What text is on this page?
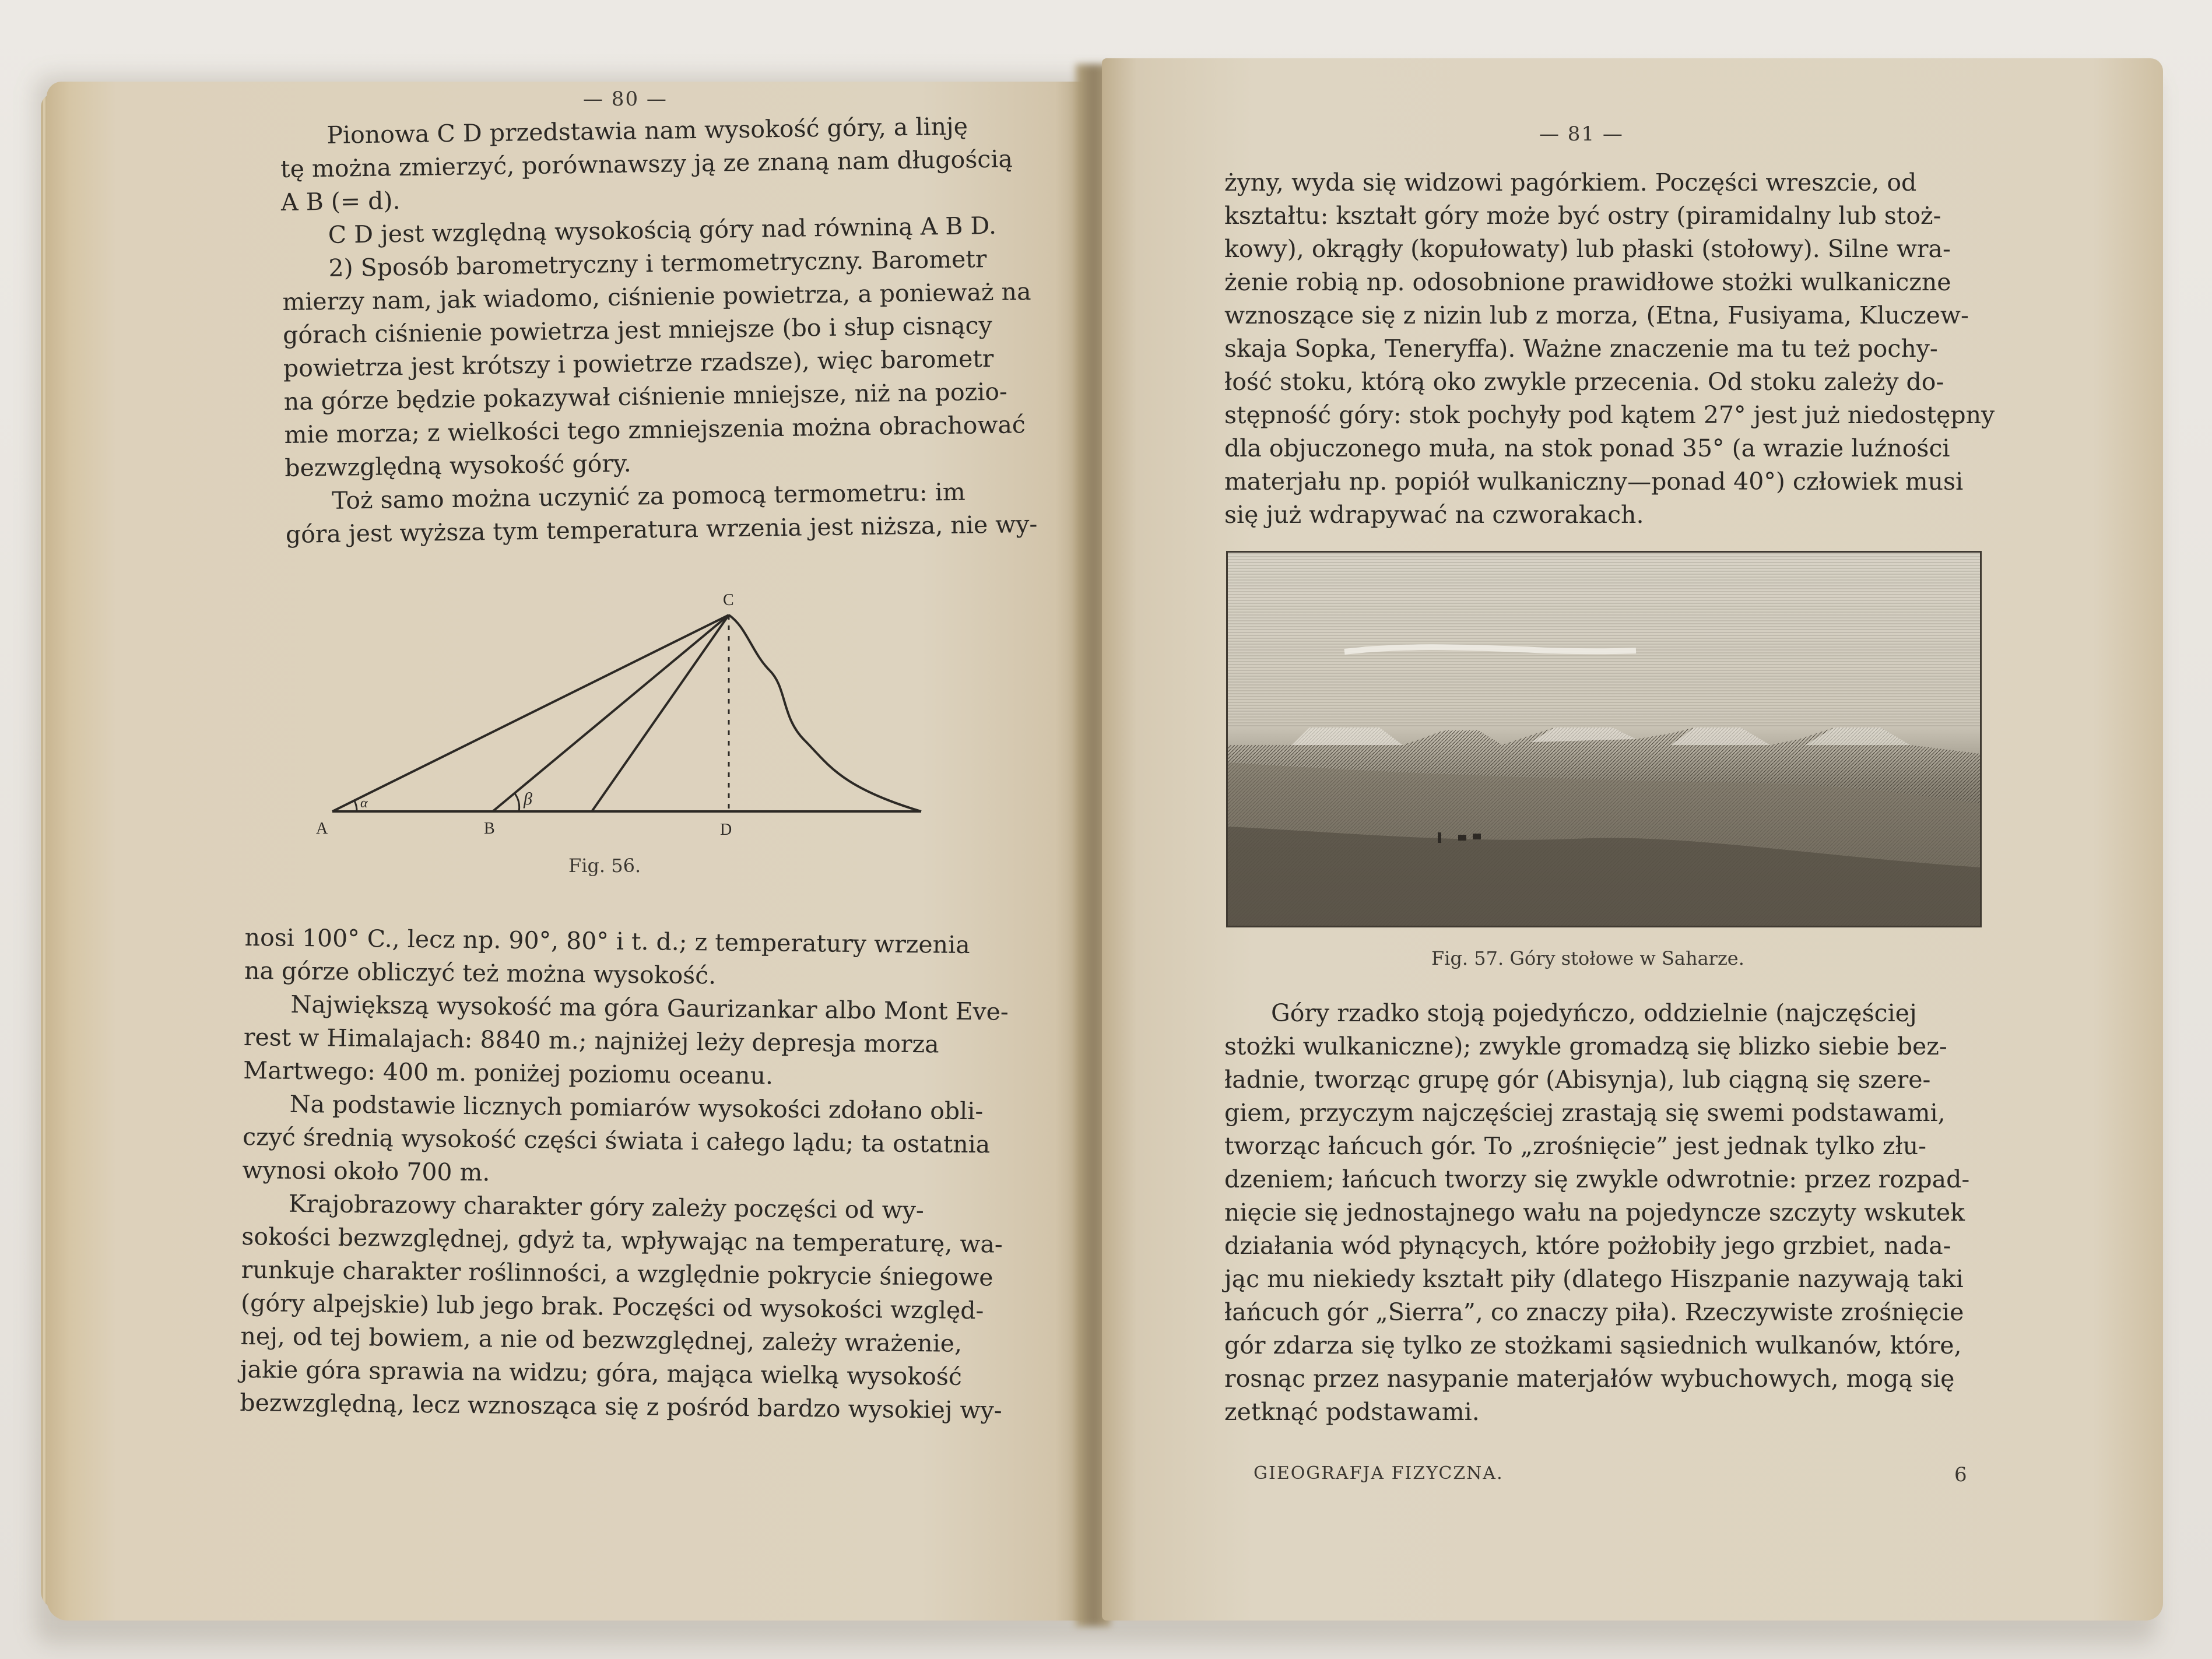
— 80 —
Pionowa C D przedstawia nam wysokość góry, a linję
tę można zmierzyć, porównawszy ją ze znaną nam długością
A B (= d).
C D jest względną wysokością góry nad równiną A B D.
2) Sposób barometryczny i termometryczny. Barometr
mierzy nam, jak wiadomo, ciśnienie powietrza, a ponieważ na
górach ciśnienie powietrza jest mniejsze (bo i słup cisnący
powietrza jest krótszy i powietrze rzadsze), więc barometr
na górze będzie pokazywał ciśnienie mniejsze, niż na pozio-
mie morza; z wielkości tego zmniejszenia można obrachować
bezwzględną wysokość góry.
Toż samo można uczynić za pomocą termometru: im
góra jest wyższa tym temperatura wrzenia jest niższa, nie wy-
A	B
C
D
β
α
Fig. 56.
nosi 100° C., lecz np. 90°, 80° i t. d.; z temperatury wrzenia
na górze obliczyć też można wysokość.
Największą wysokość ma góra Gaurizankar albo Mont Eve-
rest w Himalajach: 8840 m.; najniżej leży depresja morza
Martwego: 400 m. poniżej poziomu oceanu.
Na podstawie licznych pomiarów wysokości zdołano obli-
czyć średnią wysokość części świata i całego lądu; ta ostatnia
wynosi około 700 m.
Krajobrazowy charakter góry zależy poczęści od wy-
sokości bezwzględnej, gdyż ta, wpływając na temperaturę, wa-
runkuje charakter roślinności, a względnie pokrycie śniegowe
(góry alpejskie) lub jego brak. Poczęści od wysokości względ-
nej, od tej bowiem, a nie od bezwzględnej, zależy wrażenie,
jakie góra sprawia na widzu; góra, mająca wielką wysokość
bezwzględną, lecz wznosząca się z pośród bardzo wysokiej wy-
— 81 —
żyny, wyda się widzowi pagórkiem. Poczęści wreszcie, od
kształtu: kształt góry może być ostry (piramidalny lub stoż-
kowy), okrągły (kopułowaty) lub płaski (stołowy). Silne wra-
żenie robią np. odosobnione prawidłowe stożki wulkaniczne
wznoszące się z nizin lub z morza, (Etna, Fusiyama, Kluczew-
skaja Sopka, Teneryffa). Ważne znaczenie ma tu też pochy-
łość stoku, którą oko zwykle przecenia. Od stoku zależy do-
stępność góry: stok pochyły pod kątem 27° jest już niedostępny
dla objuczonego muła, na stok ponad 35° (a wrazie luźności
materjału np. popiół wulkaniczny—ponad 40°) człowiek musi
się już wdrapywać na czworakach.
Fig. 57. Góry stołowe w Saharze.
Góry rzadko stoją pojedyńczo, oddzielnie (najczęściej
stożki wulkaniczne); zwykle gromadzą się blizko siebie bez-
ładnie, tworząc grupę gór (Abisynja), lub ciągną się szere-
giem, przyczym najczęściej zrastają się swemi podstawami,
tworząc łańcuch gór. To „zrośnięcie” jest jednak tylko złu-
dzeniem; łańcuch tworzy się zwykle odwrotnie: przez rozpad-
nięcie się jednostajnego wału na pojedyncze szczyty wskutek
działania wód płynących, które pożłobiły jego grzbiet, nada-
jąc mu niekiedy kształt piły (dlatego Hiszpanie nazywają taki
łańcuch gór „Sierra”, co znaczy piła). Rzeczywiste zrośnięcie
gór zdarza się tylko ze stożkami sąsiednich wulkanów, które,
rosnąc przez nasypanie materjałów wybuchowych, mogą się
zetknąć podstawami.
GIEOGRAFJA FIZYCZNA.	6
